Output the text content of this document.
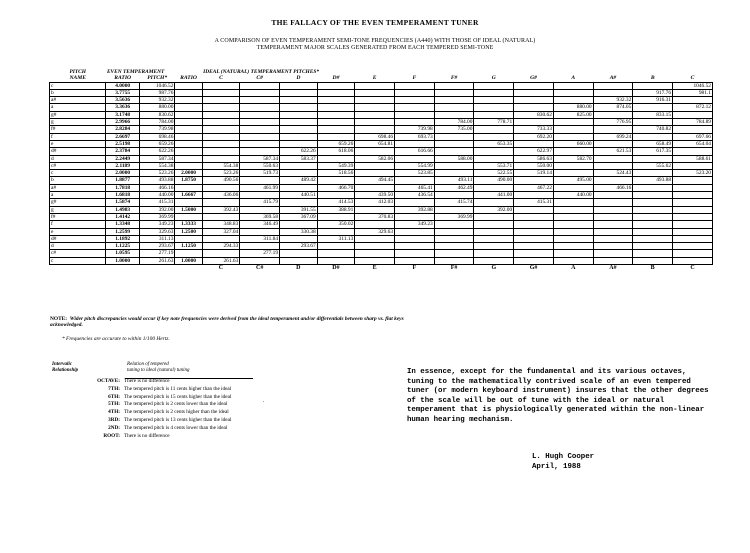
THE FALLACY OF THE EVEN TEMPERAMENT TUNER
A COMPARISON OF EVEN TEMPERAMENT SEMI-TONE FREQUENCIES (A440) WITH THOSE OF IDEAL (NATURAL)
TEMPERAMENT MAJOR SCALES GENERATED FROM EACH TEMPERED SEMI-TONE
PITCH	EVEN TEMPERAMENT			IDEAL (NATURAL) TEMPERAMENT PITCHES*												
NAME	RATIO	PITCH*	RATIO	C	C#	D	D#	E	F	F#	G	G#	A	A#	B	C
c	4.0000	1046.52														1046.52
b	3.7755	987.76													917.76	981.1
a#	3.5636	932.32												932.32	916.31	
a	3.3636	880.00											880.00	874.05		872.12
g#	3.1748	830.62										830.62	825.00		833.15	
g	2.9966	784.00								784.00	778.71			776.95		784.89
f#	2.8284	739.98							739.98	735.00		733.33			740.82	
f	2.6697	698.46						698.46	693.73			692.20		699.24		697.66
e	2.5198	659.26					659.26	654.81			653.35		660.00		658.49	654.04
d#	2.3784	622.26				622.26	618.06		616.66			622.97		621.53	617.35	
d	2.2449	587.34			587.34	583.37		582.06		588.00		586.63	582.70			588.61
c#	2.1189	554.38		554.38	550.63		549.39		554.99		553.71	550.00			555.62	
c	2.0000	523.26	2.0000	523.26	519.73		518.56		523.85		522.55	519.14		524.43		523.20
b	1.8877	493.88	1.8750	490.56		489.42		494.45		493.11	490.00		495.00		493.88	
a#	1.7818	466.16			461.99		466.70		465.41	462.49		467.22		466.16		
a	1.6818	440.00	1.6667	436.06		440.51		439.50	436.54		441.00		440.00			
g#	1.5874	415.31			415.79		414.53	412.03		415.74		415.31				
g	1.4983	392.00	1.5000	392.43		391.55	388.91		392.88		392.00					
f#	1.4142	369.99			369.58	367.09		370.83		369.99						
f	1.3348	349.23	1.3333	348.83	346.49		350.02		349.23							
e	1.2599	329.63	1.2500	327.04		330.38		329.63								
d#	1.1892	311.13			311.84		311.13									
d	1.1225	293.67	1.1250	294.33		293.67										
c#	1.0595	277.19			277.19											
c	1.0000	261.63	1.0000	261.63												
				C	C#	D	D#	E	F	F#	G	G#	A	A#	B	C
NOTE: Wider pitch discrepancies would occur if key note frequencies were derived from the ideal temperament and/or differentials between sharp vs. flat keys acknowledged.
* Frequencies are accurate to within 1/100 Hertz.
Intervalic
Relationship
Relation of tempered
tuning to ideal (natural) tuning
OCTAVE: There is no difference
7TH: The tempered pitch is 11 cents higher than the ideal
6TH: The tempered pitch is 15 cents higher than the ideal
5TH: The tempered pitch is 2 cents lower than the ideal
4TH: The tempered pitch is 2 cents higher than the ideal
3RD: The tempered pitch is 13 cents higher than the ideal
2ND: The tempered pitch is 4 cents lower than the ideal
ROOT: There is no difference
.
In essence, except for the fundamental and its various octaves, tuning to the mathematically contrived scale of an even tempered tuner (or modern keyboard instrument) insures that the other degrees of the scale will be out of tune with the ideal or natural temperament that is physiologically generated within the non-linear human hearing mechanism.
L. Hugh Cooper
April, 1988
